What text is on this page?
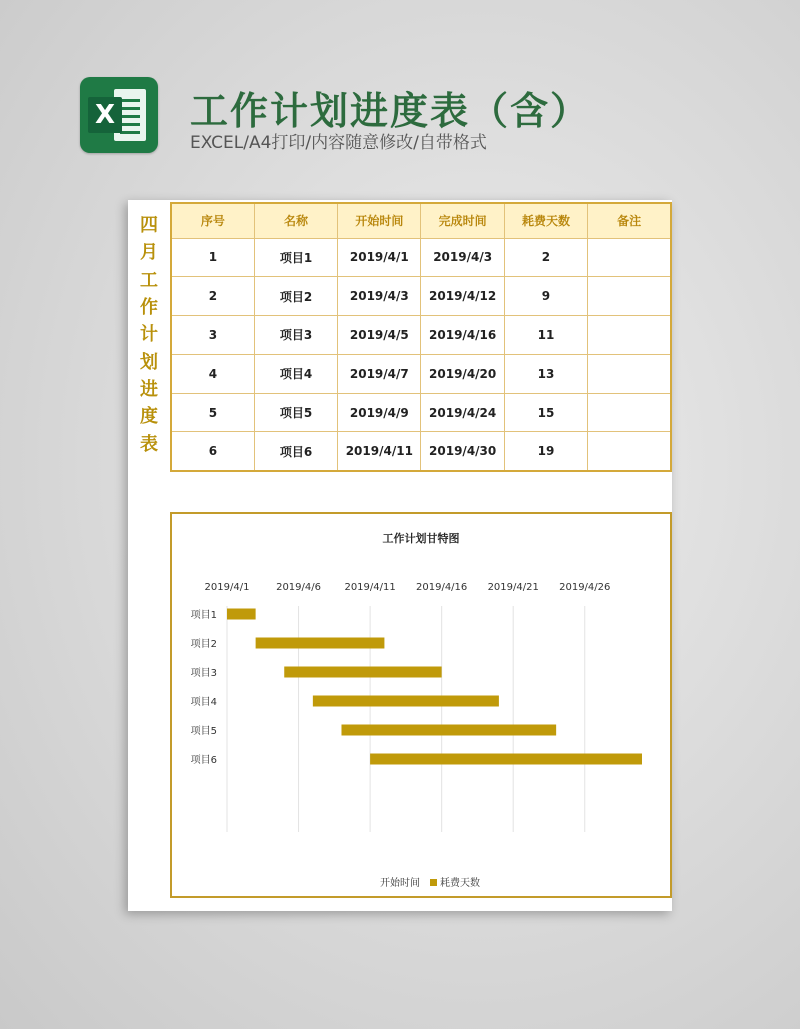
X 工作计划进度表（含）
EXCEL/A4打印/内容随意修改/自带格式
四
月
工
作
计
划
进
度
表
序号	名称	开始时间	完成时间	耗费天数	备注
1	项目1	2019/4/1	2019/4/3	2	
2	项目2	2019/4/3	2019/4/12	9	
3	项目3	2019/4/5	2019/4/16	11	
4	项目4	2019/4/7	2019/4/20	13	
5	项目5	2019/4/9	2019/4/24	15	
6	项目6	2019/4/11	2019/4/30	19	
工作计划甘特图
2019/4/1	2019/4/6 2019/4/11 2019/4/16 2019/4/21 2019/4/26
项目1
项目2
项目3
项目4
项目5
项目6
开始时间 耗费天数
